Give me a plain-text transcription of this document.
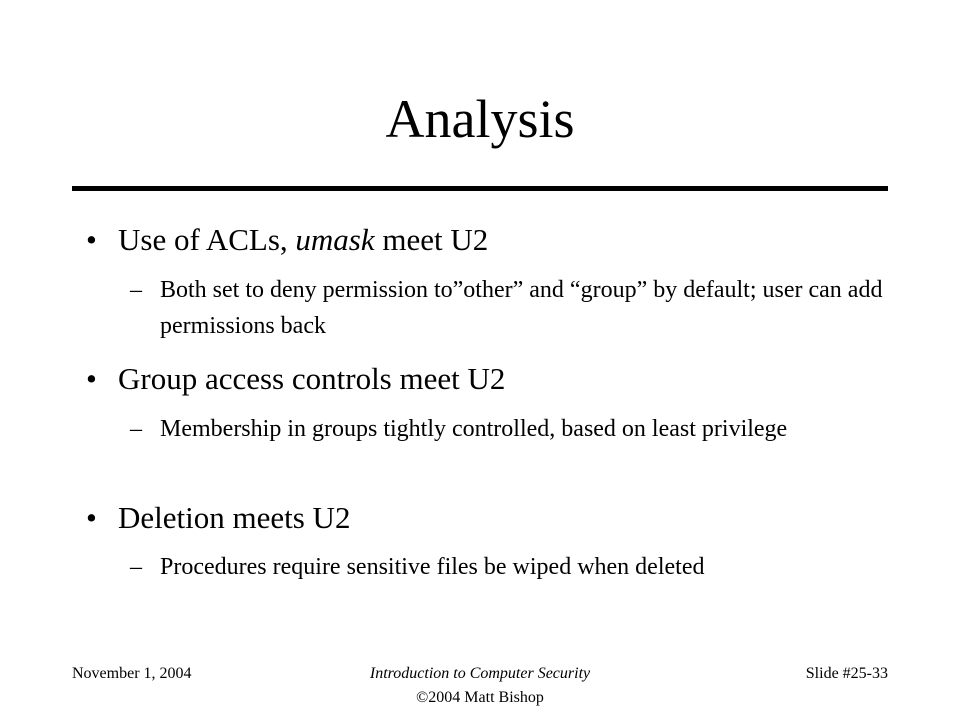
Analysis
• Use of ACLs, umask meet U2
– Both set to deny permission to”other” and “group” by default; user can add permissions back
• Group access controls meet U2
– Membership in groups tightly controlled, based on least privilege
• Deletion meets U2
– Procedures require sensitive files be wiped when deleted
November 1, 2004	Introduction to Computer Security
©2004 Matt Bishop
Slide #25-33
